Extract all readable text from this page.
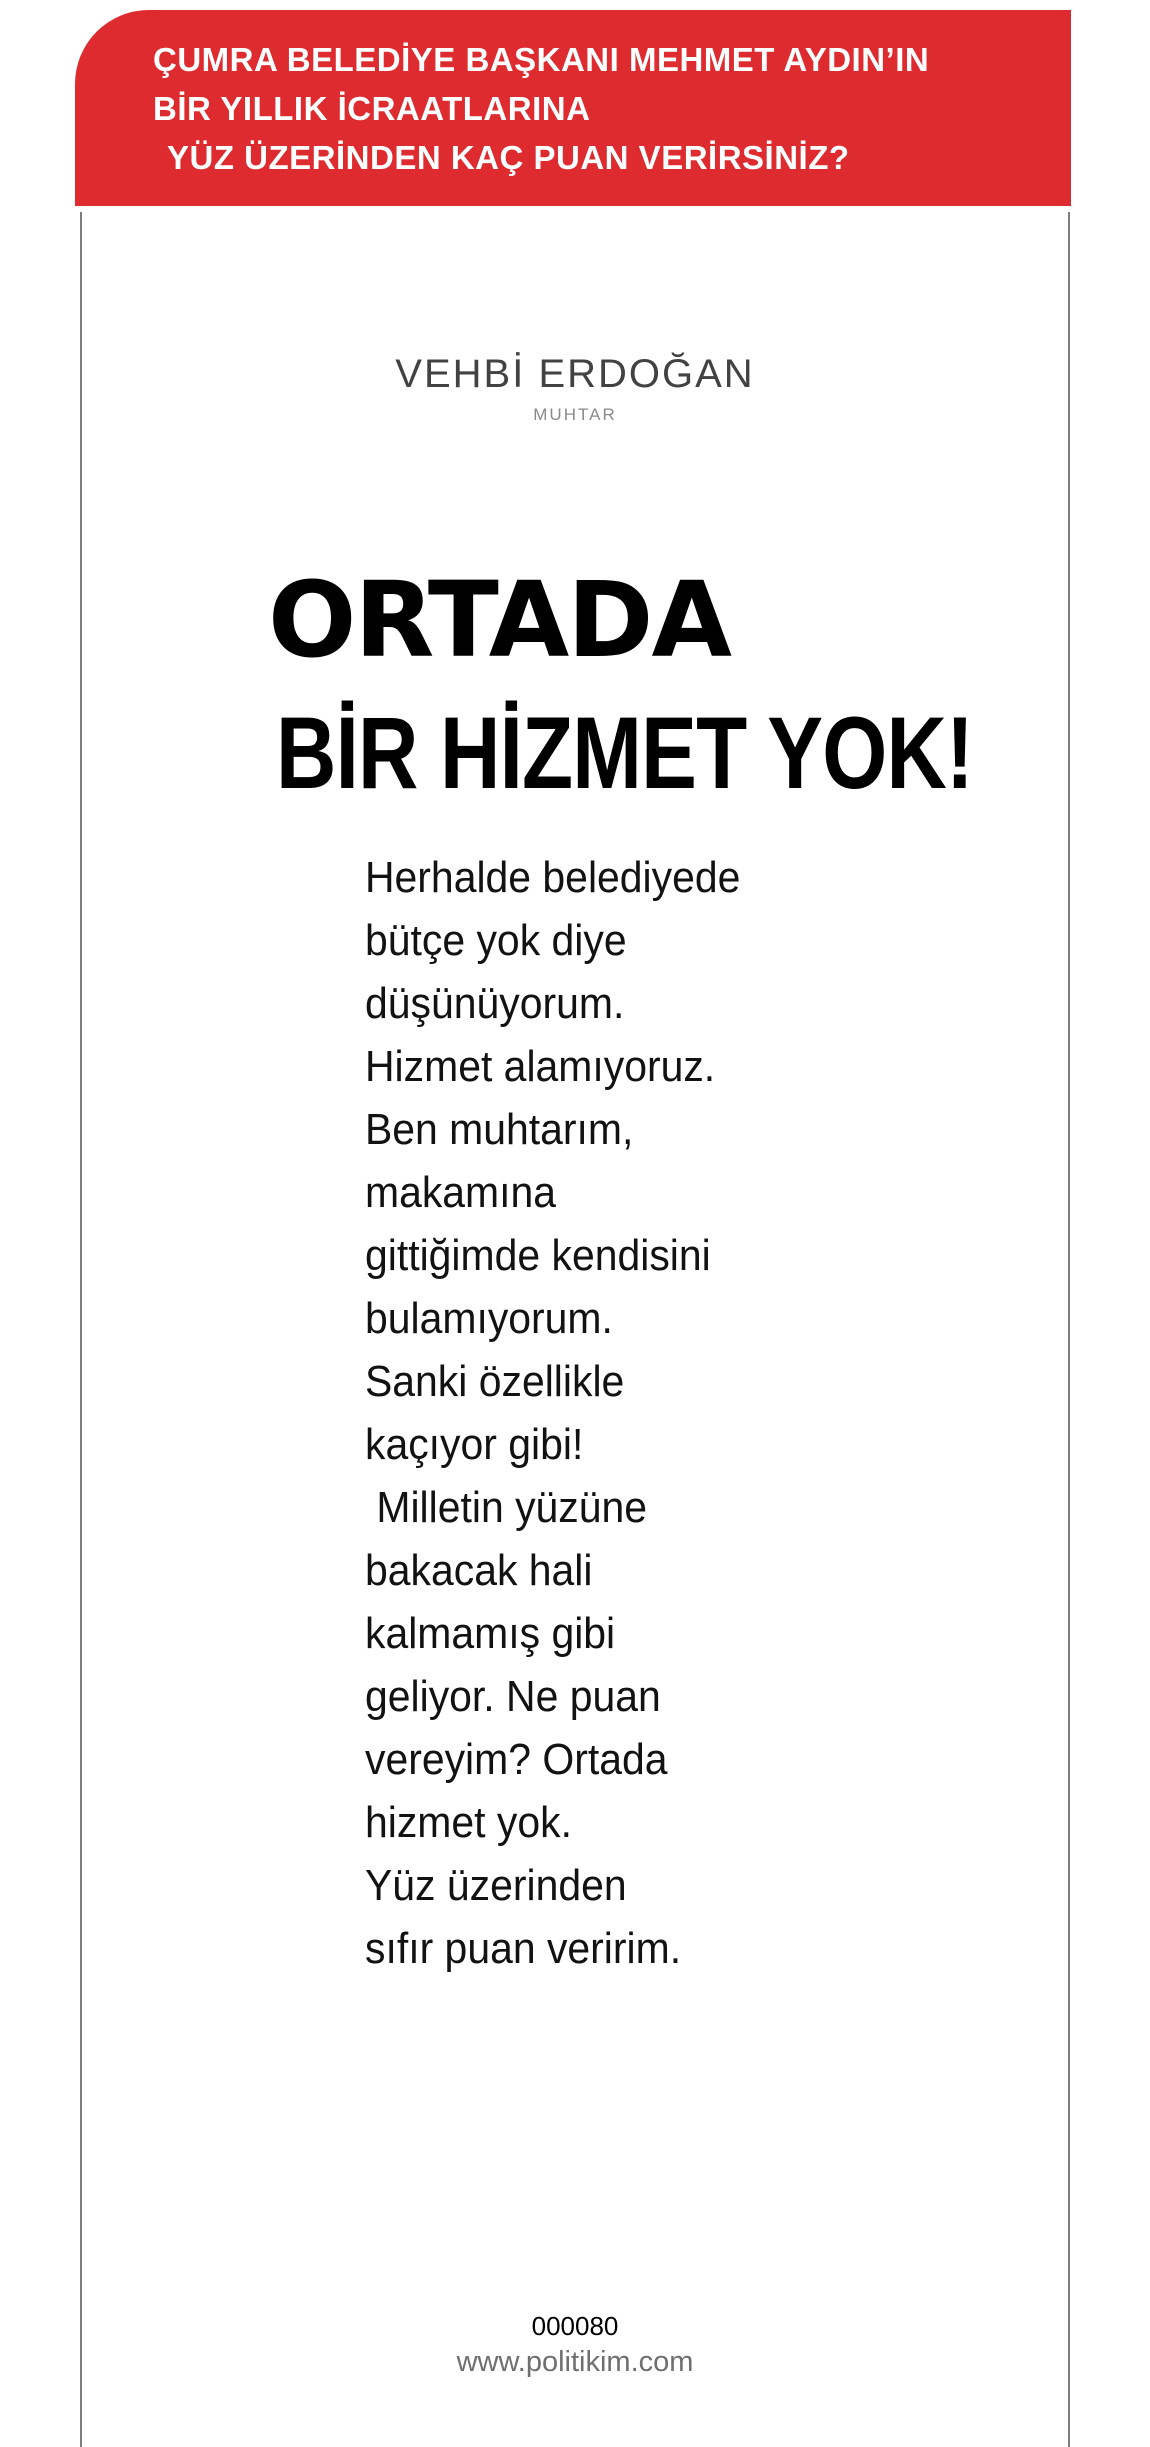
ÇUMRA BELEDİYE BAŞKANI MEHMET AYDIN’IN
BİR YILLIK İCRAATLARINA
YÜZ ÜZERİNDEN KAÇ PUAN VERİRSİNİZ?
VEHBİ ERDOĞAN
MUHTAR
ORTADA
BİR HİZMET YOK!
Herhalde belediyede
bütçe yok diye
düşünüyorum.
Hizmet alamıyoruz.
Ben muhtarım,
makamına
gittiğimde kendisini
bulamıyorum.
Sanki özellikle
kaçıyor gibi!
Milletin yüzüne
bakacak hali
kalmamış gibi
geliyor. Ne puan
vereyim? Ortada
hizmet yok.
Yüz üzerinden
sıfır puan veririm.
000080
www.politikim.com
